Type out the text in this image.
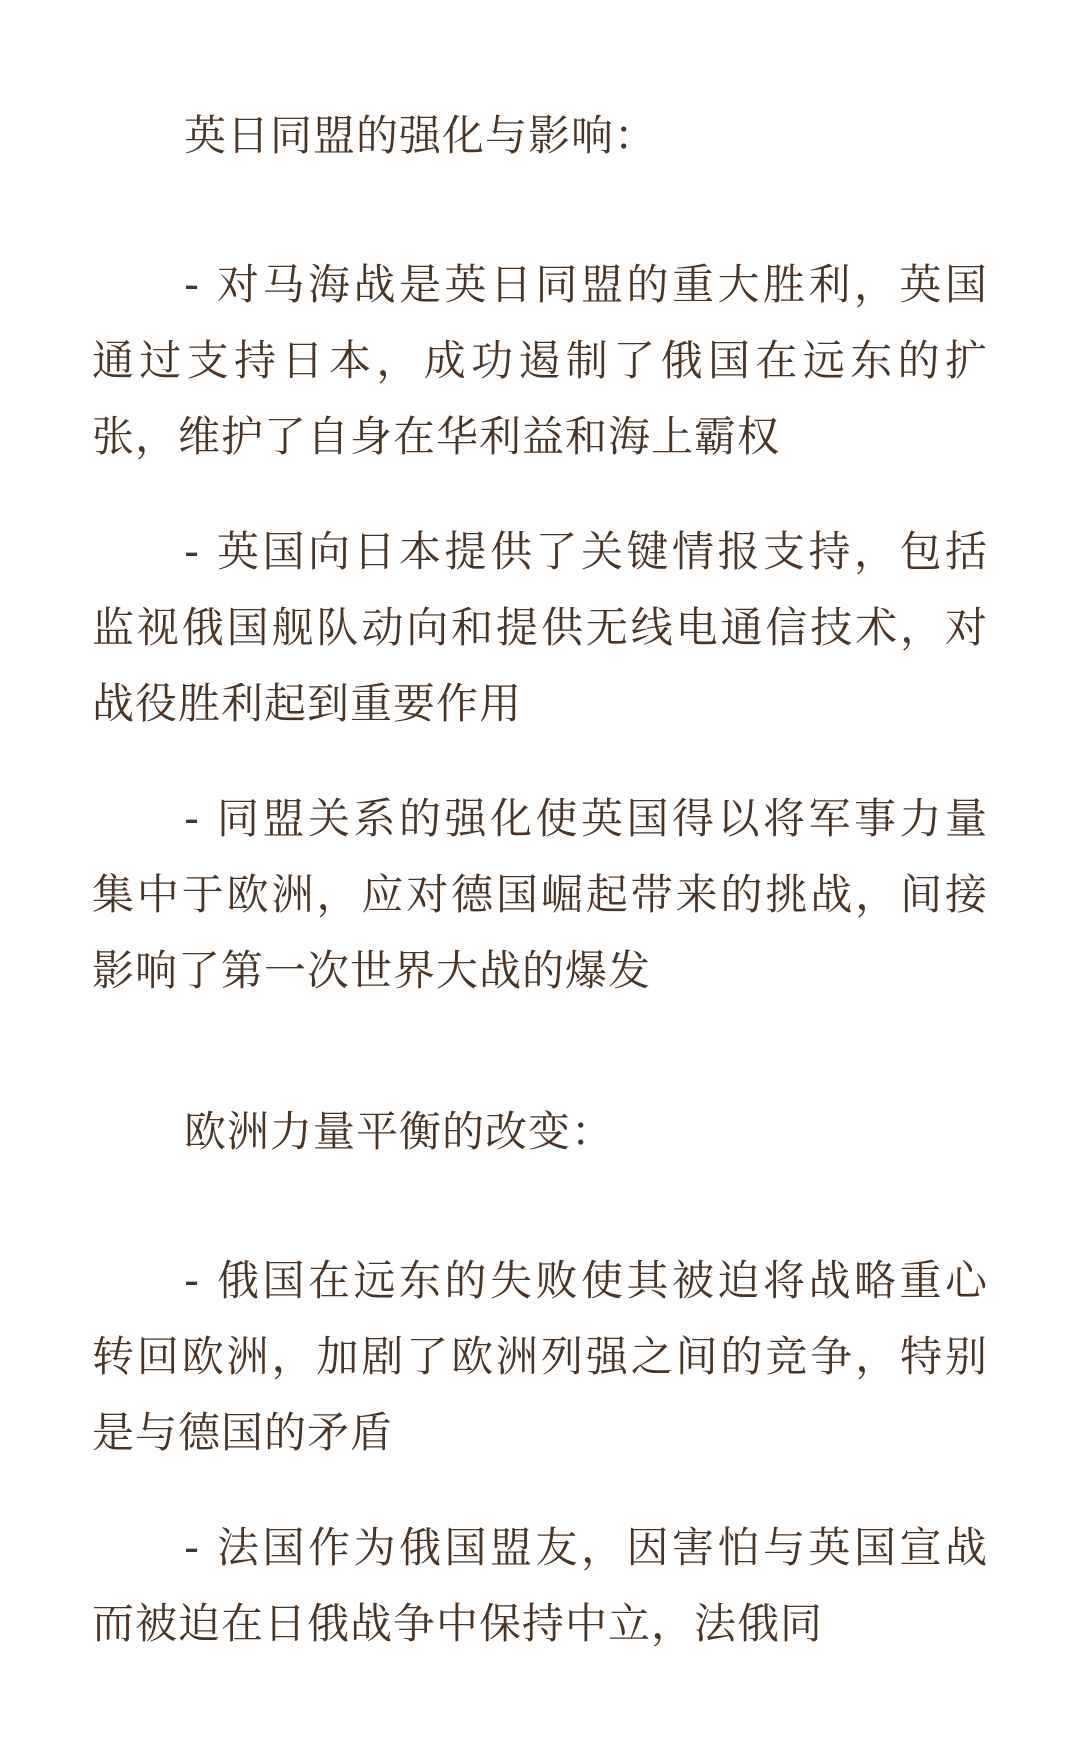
英日同盟的强化与影响：

- 对马海战是英日同盟的重大胜利，英国通过支持日本，成功遏制了俄国在远东的扩张，维护了自身在华利益和海上霸权

- 英国向日本提供了关键情报支持，包括监视俄国舰队动向和提供无线电通信技术，对战役胜利起到重要作用

- 同盟关系的强化使英国得以将军事力量集中于欧洲，应对德国崛起带来的挑战，间接影响了第一次世界大战的爆发

欧洲力量平衡的改变：

- 俄国在远东的失败使其被迫将战略重心转回欧洲，加剧了欧洲列强之间的竞争，特别是与德国的矛盾

- 法国作为俄国盟友，因害怕与英国宣战而被迫在日俄战争中保持中立，法俄同
